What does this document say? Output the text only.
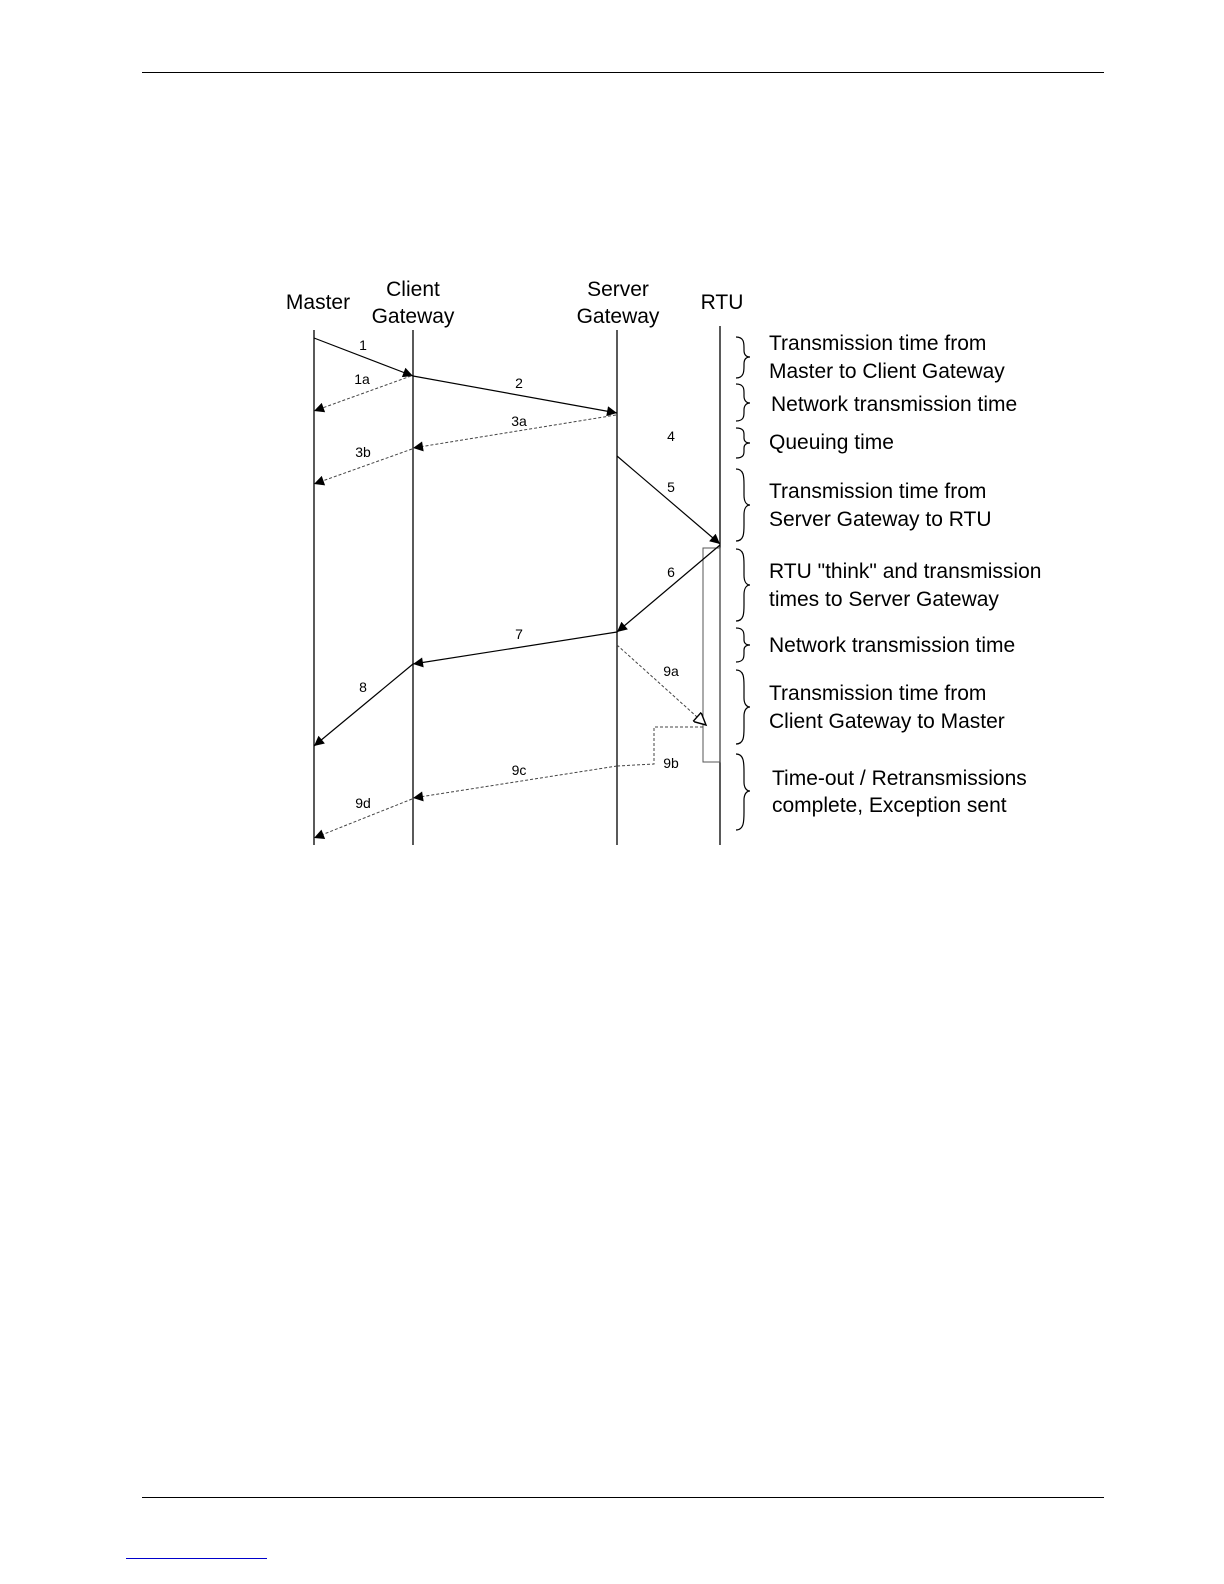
Master
Client
Gateway
Server
Gateway
RTU
1
1a	2
3a
3b
4
5
6
7
8
9a
9b
9c
9d
Transmission time from
Master to Client Gateway
Network transmission time
Queuing time
Transmission time from
Server Gateway to RTU
RTU "think" and transmission
times to Server Gateway
Network transmission time
Transmission time from
Client Gateway to Master
Time-out / Retransmissions
complete, Exception sent
